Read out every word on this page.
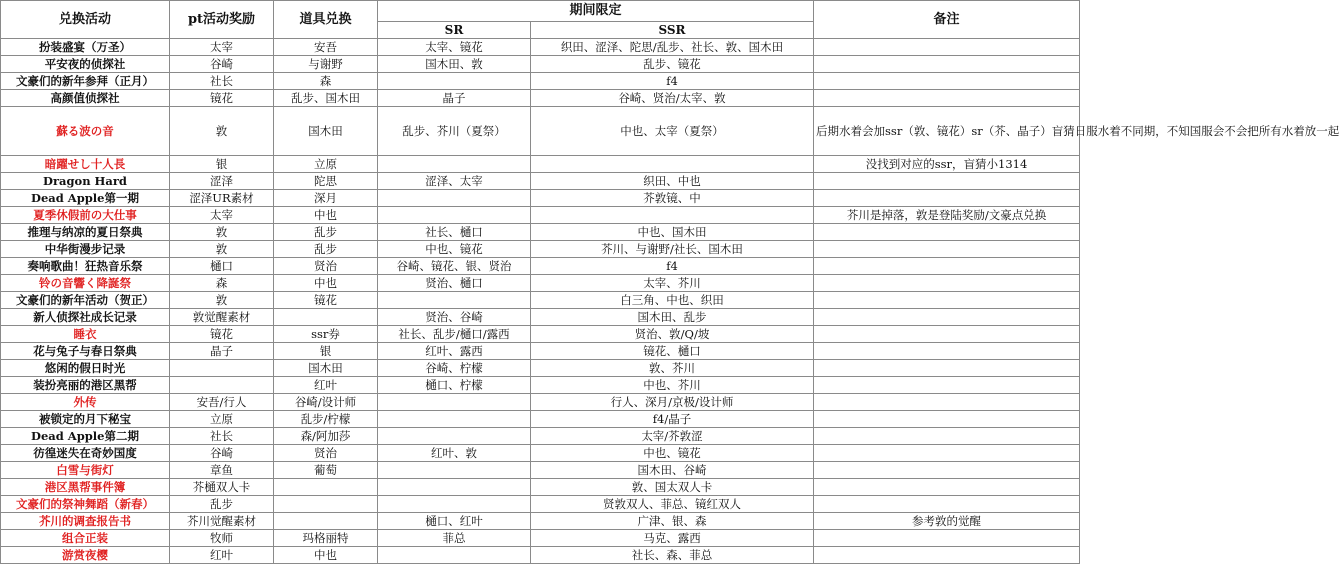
兑换活动	pt活动奖励	道具兑换	期间限定		备注
			SR	SSR	
扮装盛宴（万圣）	太宰	安吾	太宰、镜花	织田、涩泽、陀思/乱步、社长、敦、国木田	
平安夜的侦探社	谷崎	与谢野	国木田、敦	乱步、镜花	
文豪们的新年参拜（正月）	社长	森		f4	
高颜值侦探社	镜花	乱步、国木田	晶子	谷崎、贤治/太宰、敦	
蘇る波の音	敦	国木田	乱步、芥川（夏祭）	中也、太宰（夏祭）	后期水着会加ssr（敦、镜花）sr（芥、晶子）盲猜日服水着不同期，不知国服会不会把所有水着放一起
暗躍せし十人長	银	立原			没找到对应的ssr，盲猜小1314
Dragon Hard	涩泽	陀思	涩泽、太宰	织田、中也	
Dead Apple第一期	涩泽UR素材	深月		芥敦镜、中	
夏季休假前の大仕事	太宰	中也			芥川是掉落，敦是登陆奖励/文豪点兑换
推理与纳凉的夏日祭典	敦	乱步	社长、樋口	中也、国木田	
中华街漫步记录	敦	乱步	中也、镜花	芥川、与谢野/社长、国木田	
奏响歌曲！狂热音乐祭	樋口	贤治	谷崎、镜花、银、贤治	f4	
铃の音響く降誕祭	森	中也	贤治、樋口	太宰、芥川	
文豪们的新年活动（贺正）	敦	镜花		白三角、中也、织田	
新人侦探社成长记录	敦觉醒素材		贤治、谷崎	国木田、乱步	
睡衣	镜花	ssr券	社长、乱步/樋口/露西	贤治、敦/Q/坡	
花与兔子与春日祭典	晶子	银	红叶、露西	镜花、樋口	
悠闲的假日时光		国木田	谷崎、柠檬	敦、芥川	
装扮亮丽的港区黑帮		红叶	樋口、柠檬	中也、芥川	
外传	安吾/行人	谷崎/设计师		行人、深月/京极/设计师	
被锁定的月下秘宝	立原	乱步/柠檬		f4/晶子	
Dead Apple第二期	社长	森/阿加莎		太宰/芥敦涩	
彷徨迷失在奇妙国度	谷崎	贤治	红叶、敦	中也、镜花	
白雪与街灯	章鱼	葡萄		国木田、谷崎	
港区黑帮事件簿	芥樋双人卡			敦、国太双人卡	
文豪们的祭神舞蹈（新春）	乱步			贤敦双人、菲总、镜红双人	
芥川的调查报告书	芥川觉醒素材		樋口、红叶	广津、银、森	参考敦的觉醒
组合正装	牧师	玛格丽特	菲总	马克、露西	
游赏夜樱	红叶	中也		社长、森、菲总	
